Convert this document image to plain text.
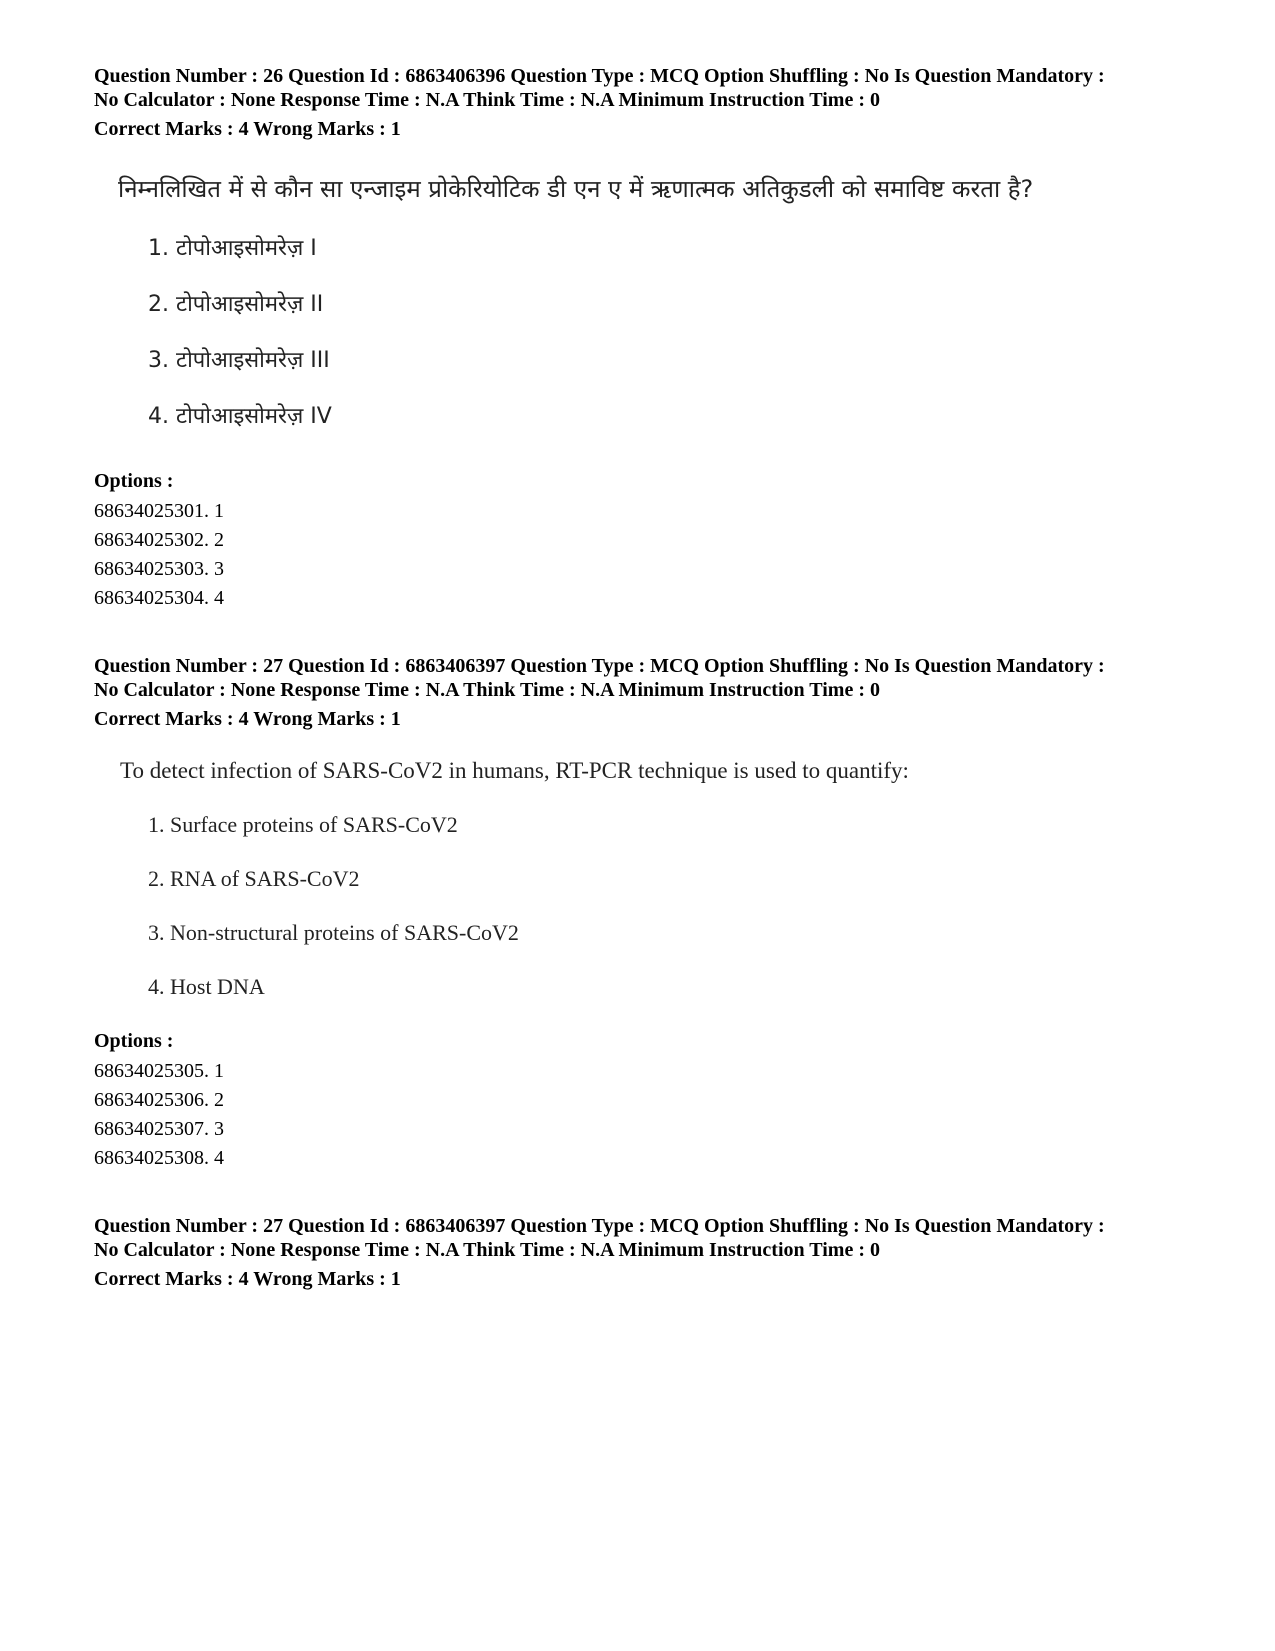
Question Number : 26 Question Id : 6863406396 Question Type : MCQ Option Shuffling : No Is Question Mandatory :

No Calculator : None Response Time : N.A Think Time : N.A Minimum Instruction Time : 0

Correct Marks : 4 Wrong Marks : 1

निम्नलिखित में से कौन सा एन्जाइम प्रोकेरियोटिक डी एन ए में ऋणात्मक अतिकुडली को समाविष्ट करता है?

1. टोपोआइसोमरेज़ I
2. टोपोआइसोमरेज़ II
3. टोपोआइसोमरेज़ III
4. टोपोआइसोमरेज़ IV

Options :

68634025301. 1

68634025302. 2

68634025303. 3

68634025304. 4

Question Number : 27 Question Id : 6863406397 Question Type : MCQ Option Shuffling : No Is Question Mandatory :

No Calculator : None Response Time : N.A Think Time : N.A Minimum Instruction Time : 0

Correct Marks : 4 Wrong Marks : 1

To detect infection of SARS-CoV2 in humans, RT-PCR technique is used to quantify:

1. Surface proteins of SARS-CoV2
2. RNA of SARS-CoV2
3. Non-structural proteins of SARS-CoV2
4. Host DNA

Options :

68634025305. 1

68634025306. 2

68634025307. 3

68634025308. 4

Question Number : 27 Question Id : 6863406397 Question Type : MCQ Option Shuffling : No Is Question Mandatory :

No Calculator : None Response Time : N.A Think Time : N.A Minimum Instruction Time : 0

Correct Marks : 4 Wrong Marks : 1
